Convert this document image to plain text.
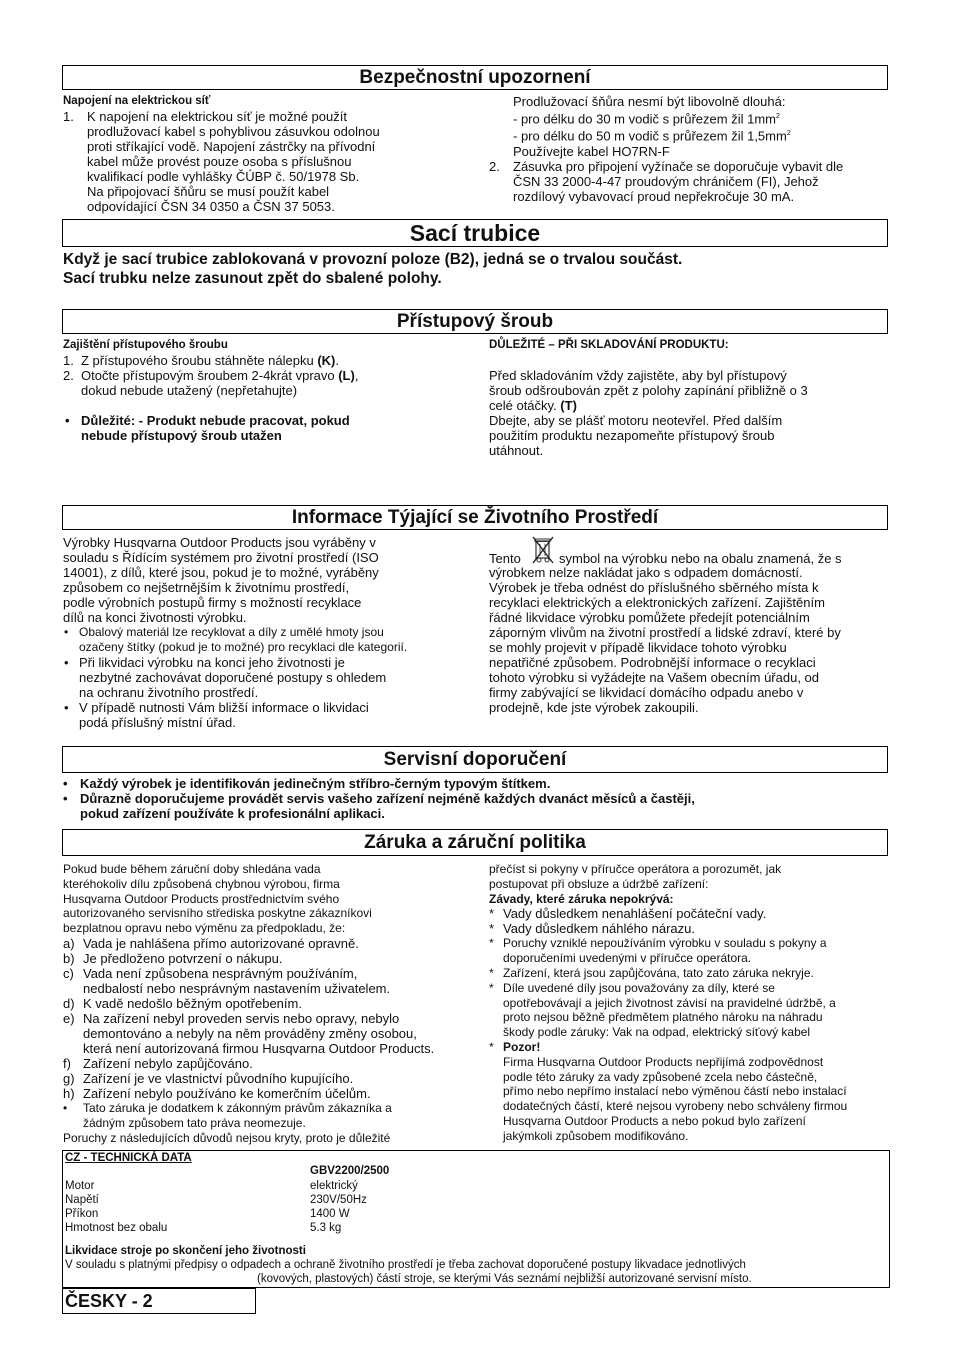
Bezpečnostní upozornení
Napojení na elektrickou síť
1. K napojení na elektrickou síť je možné použít
prodlužovací kabel s pohyblivou zásuvkou odolnou
proti stříkající vodě. Napojení zástrčky na přívodní
kabel může provést pouze osoba s příslušnou
kvalifikací podle vyhlášky ČÚBP č. 50/1978 Sb.
Na připojovací šňůru se musí použít kabel
odpovídající ČSN 34 0350 a ČSN 37 5053.
Prodlužovací šňůra nesmí být libovolně dlouhá:
- pro délku do 30 m vodič s průřezem žil $1mm^2$
- pro délku do 50 m vodič s průřezem žil $1,5mm^2$
Používejte kabel HO7RN-F
2. Zásuvka pro připojení vyžínače se doporučuje vybavit dle
ČSN 33 2000-4-47 proudovým chráničem (FI), Jehož
rozdílový vybavovací proud nepřekročuje 30 mA.
Sací trubice
Když je sací trubice zablokovaná v provozní poloze (B2), jedná se o trvalou součást.
Sací trubku nelze zasunout zpět do sbalené polohy.
Přístupový šroub
Zajištění přístupového šroubu
1. Z přístupového šroubu stáhněte nálepku (K).
2. Otočte přístupovým šroubem 2-4krát vpravo (L),
dokud nebude utažený (nepřetahujte)
• Důležité: - Produkt nebude pracovat, pokud
nebude přístupový šroub utažen
DŮLEŽITÉ – PŘI SKLADOVÁNÍ PRODUKTU:
Před skladováním vždy zajistěte, aby byl přístupový
šroub odšroubován zpět z polohy zapínání přibližně o 3
celé otáčky. (T)
Dbejte, aby se plášť motoru neotevřel. Před dalším
použitím produktu nezapomeňte přístupový šroub
utáhnout.
Informace Týjající se Životního Prostředí
Výrobky Husqvarna Outdoor Products jsou vyráběny v
souladu s Řídícím systémem pro životní prostředí (ISO
14001), z dílů, které jsou, pokud je to možné, vyráběny
způsobem co nejšetrnějším k životnímu prostředí,
podle výrobních postupů firmy s možností recyklace
dílů na konci životnosti výrobku.
• Obalový materiál lze recyklovat a díly z umělé hmoty jsou
ozačeny štítky (pokud je to možné) pro recyklaci dle kategorií.
• Při likvidaci výrobku na konci jeho životnosti je
nezbytné zachovávat doporučené postupy s ohledem
na ochranu životního prostředí.
• V případě nutnosti Vám bližší informace o likvidaci
podá příslušný místní úřad.
Tento	symbol na výrobku nebo na obalu znamená, že s
výrobkem nelze nakládat jako s odpadem domácností.
Výrobek je třeba odnést do příslušného sběrného místa k
recyklaci elektrických a elektronických zařízení. Zajištěním
řádné likvidace výrobku pomůžete předejít potenciálním
záporným vlivům na životní prostředí a lidské zdraví, které by
se mohly projevit v případě likvidace tohoto výrobku
nepatřičné způsobem. Podrobnější informace o recyklaci
tohoto výrobku si vyžádejte na Vašem obecním úřadu, od
firmy zabývající se likvidací domácího odpadu anebo v
prodejně, kde jste výrobek zakoupili.
Servisní doporučení
• Každý výrobek je identifikován jedinečným stříbro-černým typovým štítkem.
• Důrazně doporučujeme provádět servis vašeho zařízení nejméně každých dvanáct měsíců a častěji,
pokud zařízení používáte k profesionální aplikaci.
Záruka a záruční politika
Pokud bude během záruční doby shledána vada
kteréhokoliv dílu způsobená chybnou výrobou, firma
Husqvarna Outdoor Products prostřednictvím svého
autorizovaného servisního střediska poskytne zákazníkovi
bezplatnou opravu nebo výměnu za předpokladu, že:
a) Vada je nahlášena přímo autorizované opravně.
b) Je předloženo potvrzení o nákupu.
c) Vada není způsobena nesprávným používáním,
nedbalostí nebo nesprávným nastavením uživatelem.
d) K vadě nedošlo běžným opotřebením.
e) Na zařízení nebyl proveden servis nebo opravy, nebylo
demontováno a nebyly na něm prováděny změny osobou,
která není autorizovaná firmou Husqvarna Outdoor Products.
f) Zařízení nebylo zapůjčováno.
g) Zařízení je ve vlastnictví původního kupujícího.
h) Zařízení nebylo používáno ke komerčním účelům.
• Tato záruka je dodatkem k zákonným právům zákazníka a
žádným způsobem tato práva neomezuje.
Poruchy z následujících důvodů nejsou kryty, proto je důležité
přečíst si pokyny v příručce operátora a porozumět, jak
postupovat při obsluze a údržbě zařízení:
Závady, které záruka nepokrývá:
* Vady důsledkem nenahlášení počáteční vady.
* Vady důsledkem náhlého nárazu.
* Poruchy vzniklé nepoužíváním výrobku v souladu s pokyny a
doporučeními uvedenými v příručce operátora.
* Zařízení, která jsou zapůjčována, tato zato záruka nekryje.
* Díle uvedené díly jsou považovány za díly, které se
opotřebovávají a jejich životnost závisí na pravidelné údržbě, a
proto nejsou běžně předmětem platného nároku na náhradu
škody podle záruky: Vak na odpad, elektrický síťový kabel
* Pozor!
Firma Husqvarna Outdoor Products nepřijímá zodpovědnost
podle této záruky za vady způsobené zcela nebo částečně,
přímo nebo nepřímo instalací nebo výměnou částí nebo instalací
dodatečných částí, které nejsou vyrobeny nebo schváleny firmou
Husqvarna Outdoor Products a nebo pokud bylo zařízení
jakýmkoli způsobem modifikováno.
CZ - TECHNICKÁ DATA
GBV2200/2500
Motor	elektrický
Napětí	230V/50Hz
Příkon	1400 W
Hmotnost bez obalu	5.3 kg
Likvidace stroje po skončení jeho životnosti
V souladu s platnými předpisy o odpadech a ochraně životního prostředí je třeba zachovat doporučené postupy likvadace jednotlivých
(kovových, plastových) částí stroje, se kterými Vás seznámí nejbližší autorizované servisní místo.
ČESKY - 2
